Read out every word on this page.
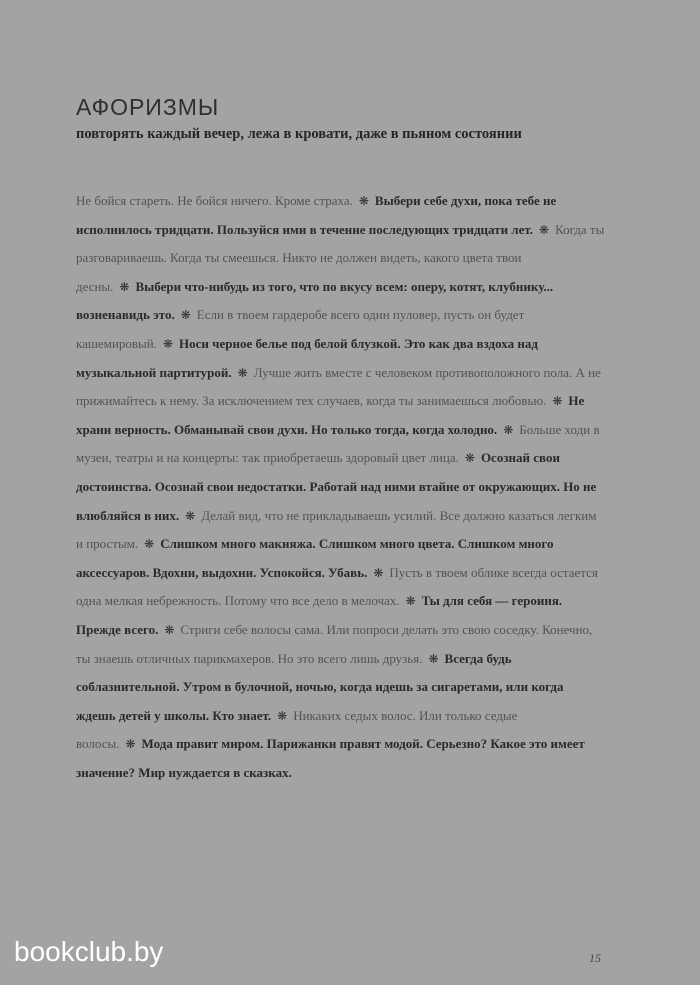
АФОРИЗМЫ
повторять каждый вечер, лежа в кровати, даже в пьяном состоянии
Не бойся стареть. Не бойся ничего. Кроме страха. ❋ Выбери себе духи, пока тебе не исполнилось тридцати. Пользуйся ими в течение последующих тридцати лет. ❋ Когда ты разговариваешь. Когда ты смеешься. Никто не должен видеть, какого цвета твои десны. ❋ Выбери что-нибудь из того, что по вкусу всем: оперу, котят, клубнику... возненавидь это. ❋ Если в твоем гардеробе всего один пуловер, пусть он будет кашемировый. ❋ Носи черное белье под белой блузкой. Это как два вздоха над музыкальной партитурой. ❋ Лучше жить вместе с человеком противоположного пола. А не прижимайтесь к нему. За исключением тех случаев, когда ты занимаешься любовью. ❋ Не храни верность. Обманывай свои духи. Но только тогда, когда холодно. ❋ Больше ходи в музеи, театры и на концерты: так приобретаешь здоровый цвет лица. ❋ Осознай свои достоинства. Осознай свои недостатки. Работай над ними втайне от окружающих. Но не влюбляйся в них. ❋ Делай вид, что не прикладываешь усилий. Все должно казаться легким и простым. ❋ Слишком много макияжа. Слишком много цвета. Слишком много аксессуаров. Вдохни, выдохни. Успокойся. Убавь. ❋ Пусть в твоем облике всегда остается одна мелкая небрежность. Потому что все дело в мелочах. ❋ Ты для себя — героиня. Прежде всего. ❋ Стриги себе волосы сама. Или попроси делать это свою соседку. Конечно, ты знаешь отличных парикмахеров. Но это всего лишь друзья. ❋ Всегда будь соблазнительной. Утром в булочной, ночью, когда идешь за сигаретами, или когда ждешь детей у школы. Кто знает. ❋ Никаких седых волос. Или только седые волосы. ❋ Мода правит миром. Парижанки правят модой. Серьезно? Какое это имеет значение? Мир нуждается в сказках.
bookclub.by	15
